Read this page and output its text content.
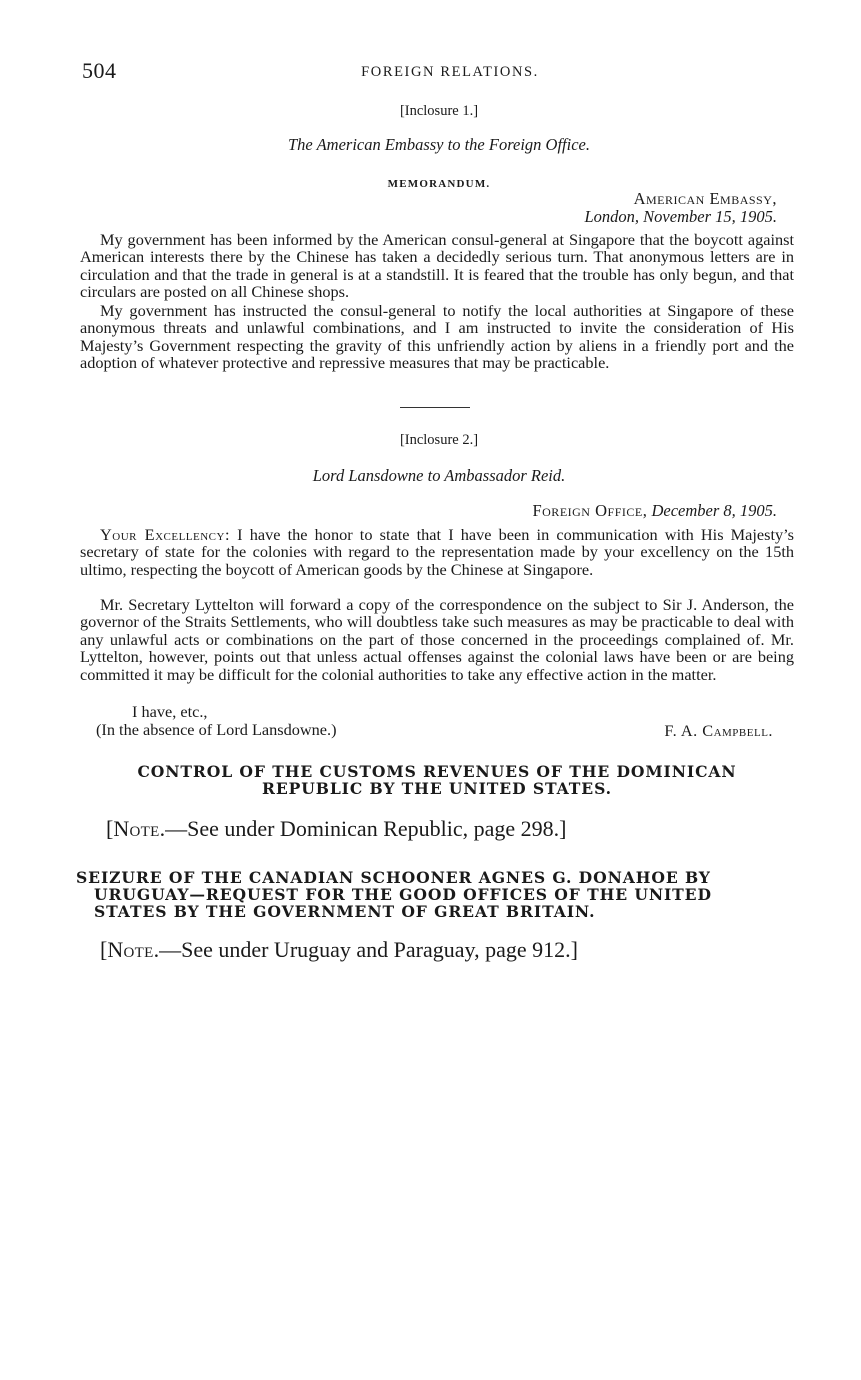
504	FOREIGN RELATIONS.
[Inclosure 1.]
The American Embassy to the Foreign Office.
MEMORANDUM.
American Embassy,
London, November 15, 1905.

My government has been informed by the American consul-general at Singapore that the boycott against American interests there by the Chinese has taken a decidedly serious turn. That anonymous letters are in circulation and that the trade in general is at a standstill. It is feared that the trouble has only begun, and that circulars are posted on all Chinese shops.

My government has instructed the consul-general to notify the local authorities at Singapore of these anonymous threats and unlawful combinations, and I am instructed to invite the consideration of His Majesty’s Government respecting the gravity of this unfriendly action by aliens in a friendly port and the adoption of whatever protective and repressive measures that may be practicable.

[Inclosure 2.]
Lord Lansdowne to Ambassador Reid.
Foreign Office, December 8, 1905.

Your Excellency: I have the honor to state that I have been in communication with His Majesty’s secretary of state for the colonies with regard to the representation made by your excellency on the 15th ultimo, respecting the boycott of American goods by the Chinese at Singapore.

Mr. Secretary Lyttelton will forward a copy of the correspondence on the subject to Sir J. Anderson, the governor of the Straits Settlements, who will doubtless take such measures as may be practicable to deal with any unlawful acts or combinations on the part of those concerned in the proceedings complained of. Mr. Lyttelton, however, points out that unless actual offenses against the colonial laws have been or are being committed it may be difficult for the colonial authorities to take any effective action in the matter.

I have, etc.,
(In the absence of Lord Lansdowne.)	F. A. Campbell.
CONTROL OF THE CUSTOMS REVENUES OF THE DOMINICAN
REPUBLIC BY THE UNITED STATES.
[Note.—See under Dominican Republic, page 298.]
SEIZURE OF THE CANADIAN SCHOONER AGNES G. DONAHOE BY
URUGUAY—REQUEST FOR THE GOOD OFFICES OF THE UNITED
STATES BY THE GOVERNMENT OF GREAT BRITAIN.
[Note.—See under Uruguay and Paraguay, page 912.]
